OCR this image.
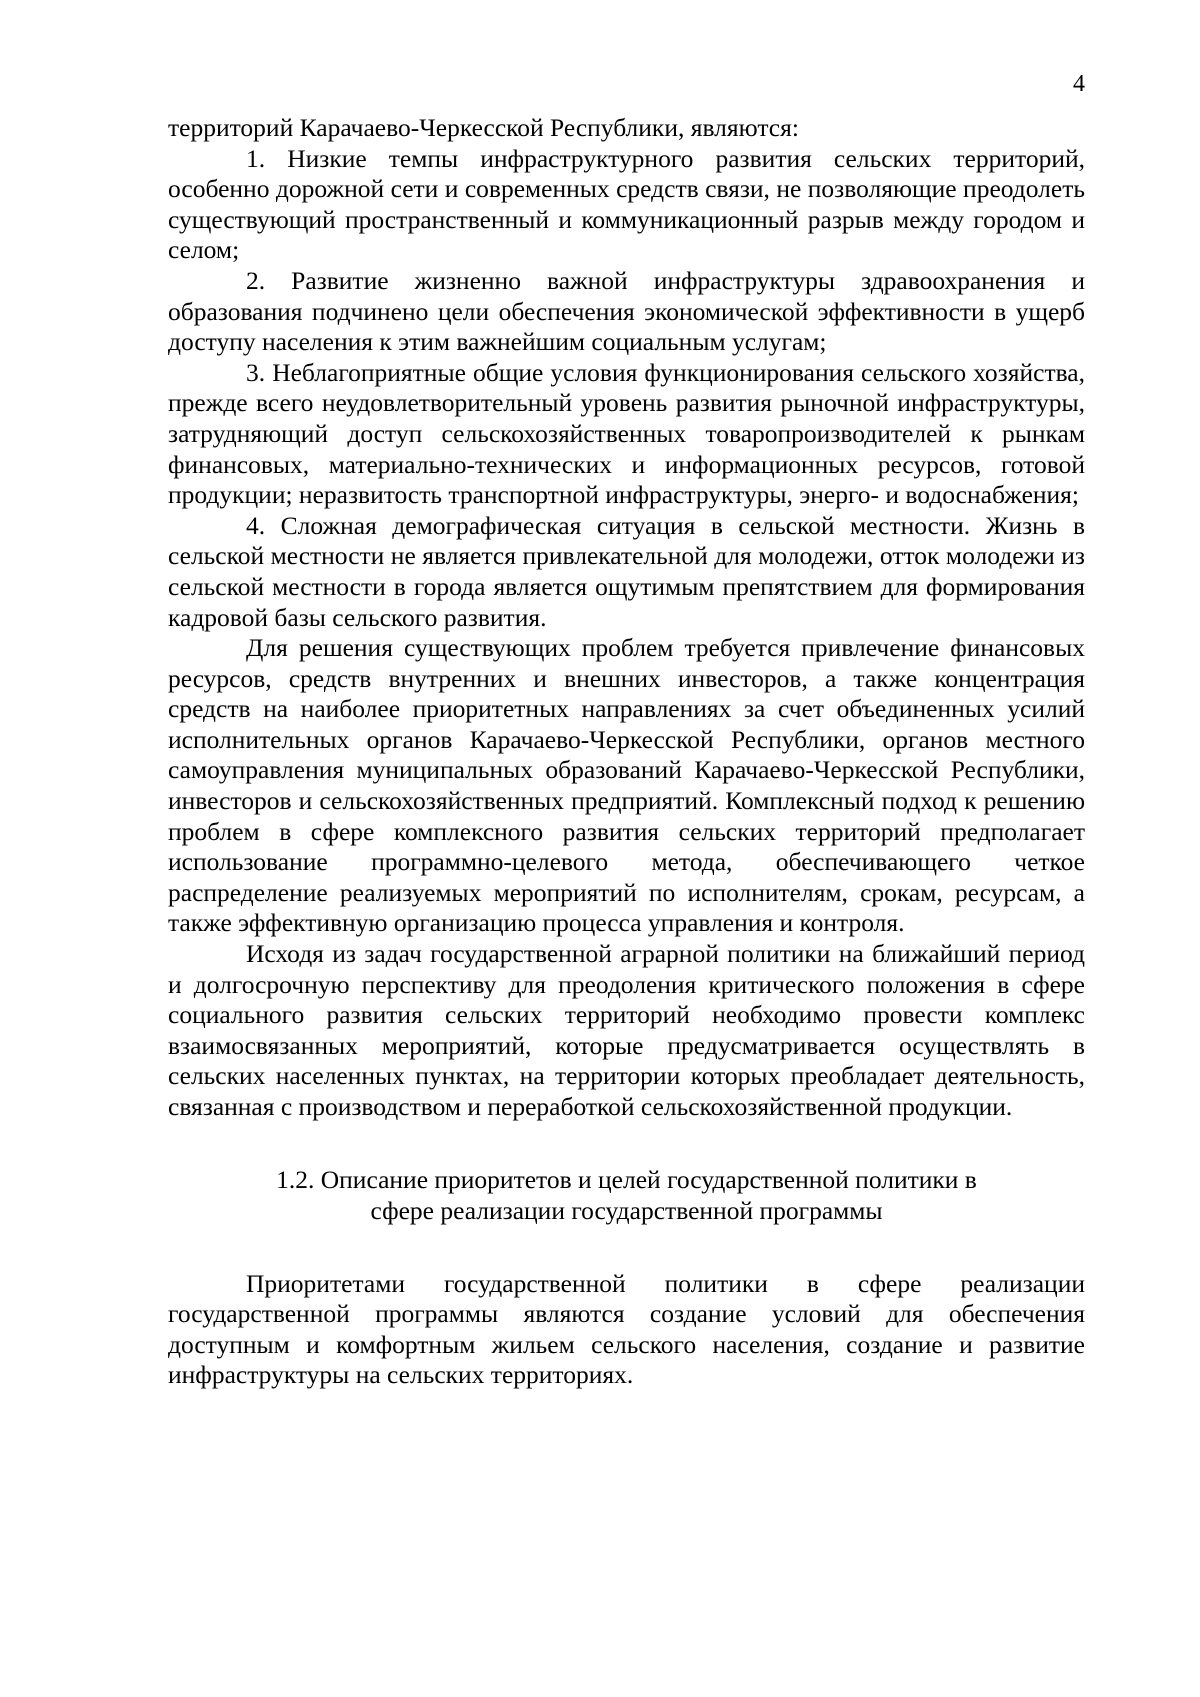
4

территорий Карачаево-Черкесской Республики, являются:

1. Низкие темпы инфраструктурного развития сельских территорий, особенно дорожной сети и современных средств связи, не позволяющие преодолеть существующий пространственный и коммуникационный разрыв между городом и селом;

2. Развитие жизненно важной инфраструктуры здравоохранения и образования подчинено цели обеспечения экономической эффективности в ущерб доступу населения к этим важнейшим социальным услугам;

3. Неблагоприятные общие условия функционирования сельского хозяйства, прежде всего неудовлетворительный уровень развития рыночной инфраструктуры, затрудняющий доступ сельскохозяйственных товаропроизводителей к рынкам финансовых, материально-технических и информационных ресурсов, готовой продукции; неразвитость транспортной инфраструктуры, энерго- и водоснабжения;

4. Сложная демографическая ситуация в сельской местности. Жизнь в сельской местности не является привлекательной для молодежи, отток молодежи из сельской местности в города является ощутимым препятствием для формирования кадровой базы сельского развития.

Для решения существующих проблем требуется привлечение финансовых ресурсов, средств внутренних и внешних инвесторов, а также концентрация средств на наиболее приоритетных направлениях за счет объединенных усилий исполнительных органов Карачаево-Черкесской Республики, органов местного самоуправления муниципальных образований Карачаево-Черкесской Республики, инвесторов и сельскохозяйственных предприятий. Комплексный подход к решению проблем в сфере комплексного развития сельских территорий предполагает использование программно-целевого метода, обеспечивающего четкое распределение реализуемых мероприятий по исполнителям, срокам, ресурсам, а также эффективную организацию процесса управления и контроля.

Исходя из задач государственной аграрной политики на ближайший период и долгосрочную перспективу для преодоления критического положения в сфере социального развития сельских территорий необходимо провести комплекс взаимосвязанных мероприятий, которые предусматривается осуществлять в сельских населенных пунктах, на территории которых преобладает деятельность, связанная с производством и переработкой сельскохозяйственной продукции.

1.2. Описание приоритетов и целей государственной политики в
сфере реализации государственной программы

Приоритетами государственной политики в сфере реализации государственной программы являются создание условий для обеспечения доступным и комфортным жильем сельского населения, создание и развитие инфраструктуры на сельских территориях.
